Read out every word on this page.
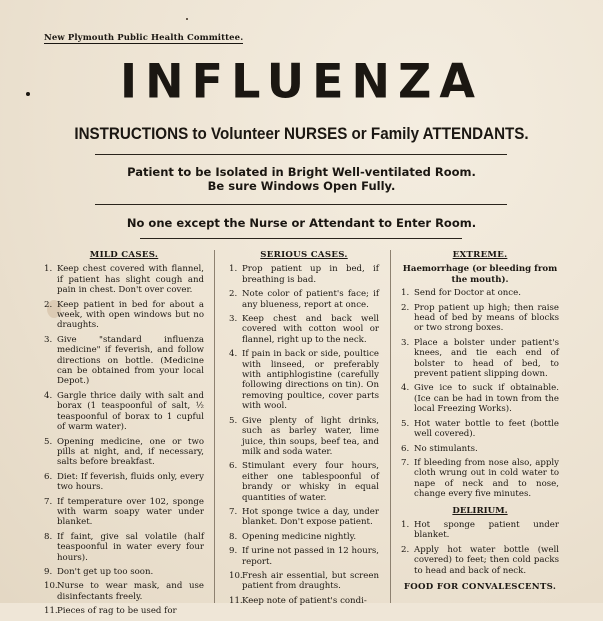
New Plymouth Public Health Committee.
INFLUENZA
INSTRUCTIONS to Volunteer NURSES or Family ATTENDANTS.
Patient to be Isolated in Bright Well-ventilated Room.
Be sure Windows Open Fully.
No one except the Nurse or Attendant to Enter Room.
MILD CASES.
1. Keep chest covered with flannel, if patient has slight cough and pain in chest. Don't over cover.
2. Keep patient in bed for about a week, with open windows but no draughts.
3. Give "standard influenza medicine" if feverish, and follow directions on bottle. (Medicine can be obtained from your local Depot.)
4. Gargle thrice daily with salt and borax (1 teaspoonful of salt, ½ teaspoonful of borax to 1 cupful of warm water).
5. Opening medicine, one or two pills at night, and, if necessary, salts before breakfast.
6. Diet: If feverish, fluids only, every two hours.
7. If temperature over 102, sponge with warm soapy water under blanket.
8. If faint, give sal volatile (half teaspoonful in water every four hours).
9. Don't get up too soon.
10. Nurse to wear mask, and use disinfectants freely.
11. Pieces of rag to be used for
SERIOUS CASES.
1. Prop patient up in bed, if breathing is bad.
2. Note color of patient's face; if any blueness, report at once.
3. Keep chest and back well covered with cotton wool or flannel, right up to the neck.
4. If pain in back or side, poultice with linseed, or preferably with antiphlogistine (carefully following directions on tin). On removing poultice, cover parts with wool.
5. Give plenty of light drinks, such as barley water, lime juice, thin soups, beef tea, and milk and soda water.
6. Stimulant every four hours, either one tablespoonful of brandy or whisky in equal quantities of water.
7. Hot sponge twice a day, under blanket. Don't expose patient.
8. Opening medicine nightly.
9. If urine not passed in 12 hours, report.
10. Fresh air essential, but screen patient from draughts.
11. Keep note of patient's condi-
EXTREME.
Haemorrhage (or bleeding from the mouth).
1. Send for Doctor at once.
2. Prop patient up high; then raise head of bed by means of blocks or two strong boxes.
3. Place a bolster under patient's knees, and tie each end of bolster to head of bed, to prevent patient slipping down.
4. Give ice to suck if obtainable. (Ice can be had in town from the local Freezing Works).
5. Hot water bottle to feet (bottle well covered).
6. No stimulants.
7. If bleeding from nose also, apply cloth wrung out in cold water to nape of neck and to nose, change every five minutes.
DELIRIUM.
1. Hot sponge patient under blanket.
2. Apply hot water bottle (well covered) to feet; then cold packs to head and back of neck.
FOOD FOR CONVALESCENTS.
